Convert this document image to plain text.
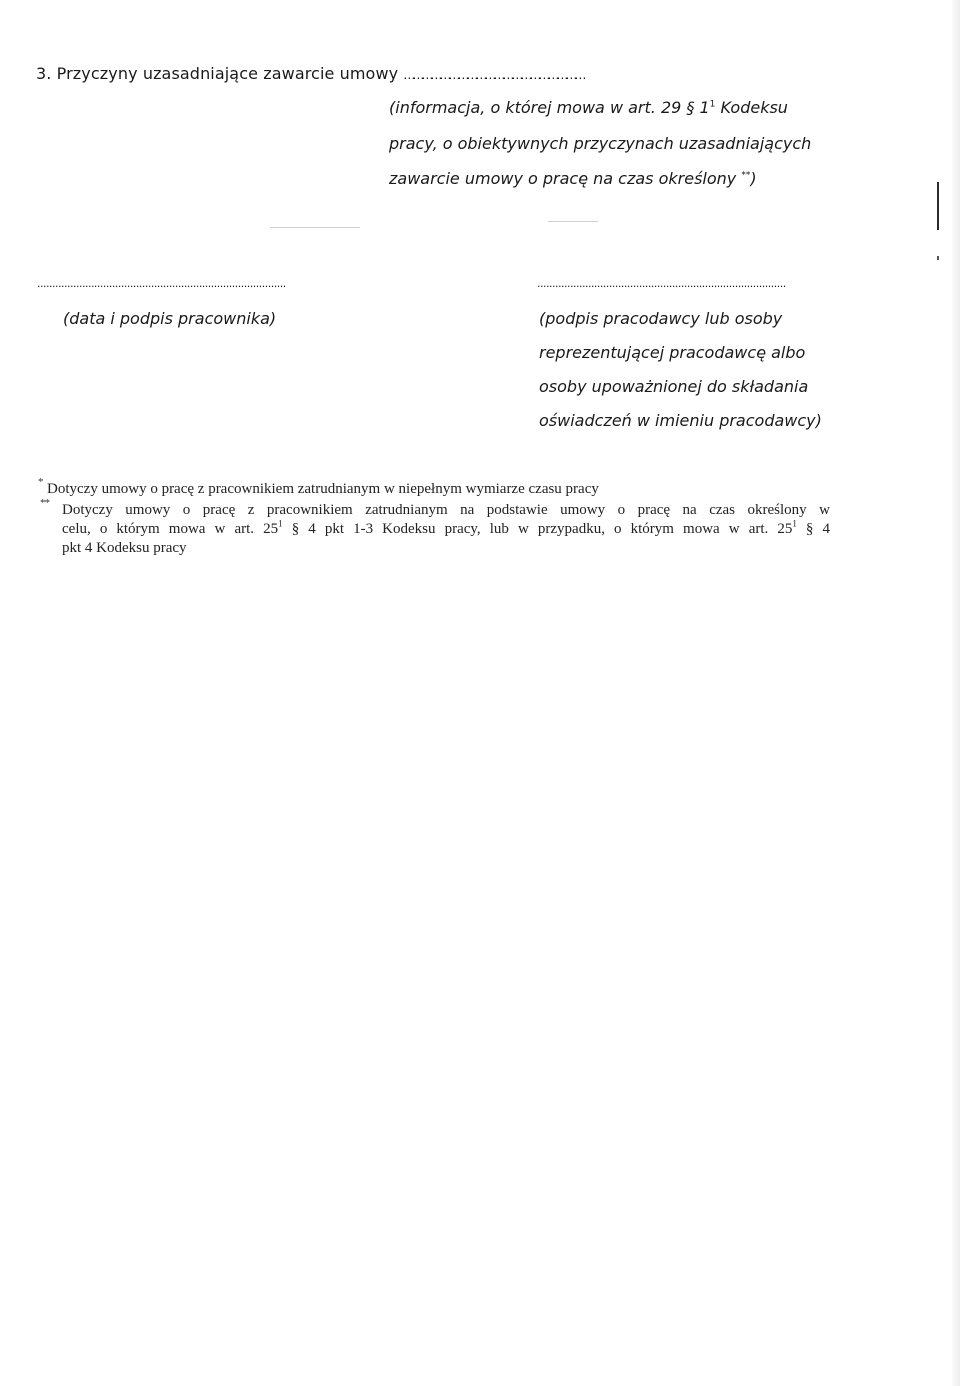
3. Przyczyny uzasadniające zawarcie umowy ……………………………………………………
(informacja, o której mowa w art. 29 § $1^1$ Kodeksu
pracy, o obiektywnych przyczynach uzasadniających
zawarcie umowy o pracę na czas określony **)
...................................................................................	...................................................................................
(data i podpis pracownika)	(podpis pracodawcy lub osoby
reprezentującej pracodawcę albo
osoby upoważnionej do składania
oświadczeń w imieniu pracodawcy)
* Dotyczy umowy o pracę z pracownikiem zatrudnianym w niepełnym wymiarze czasu pracy
** Dotyczy umowy o pracę z pracownikiem zatrudnianym na podstawie umowy o pracę na czas określony w
celu, o którym mowa w art. $25^1$ § 4 pkt 1-3 Kodeksu pracy, lub w przypadku, o którym mowa w art. $25^1$ § 4
pkt 4 Kodeksu pracy
